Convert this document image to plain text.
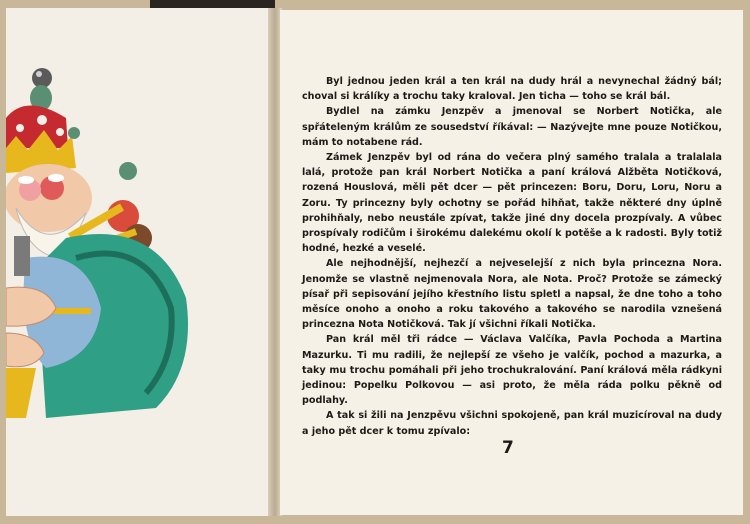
Byl jednou jeden král a ten král na dudy hrál a nevynechal žádný bál; choval si králíky a trochu taky kraloval. Jen ticha — toho se král bál.

Bydlel na zámku Jenzpěv a jmenoval se Norbert Notička, ale spřáteleným králům ze sousedství říkával: — Nazývejte mne pouze Notičkou, mám to notabene rád.

Zámek Jenzpěv byl od rána do večera plný samého tralala a tralalala lalá, protože pan král Norbert Notička a paní králová Alžběta Notičková, rozená Houslová, měli pět dcer — pět princezen: Boru, Doru, Loru, Noru a Zoru. Ty princezny byly ochotny se pořád hihňat, takže některé dny úplně prohihňaly, nebo neustále zpívat, takže jiné dny docela prozpívaly. A vůbec prospívaly rodičům i širokému dalekému okolí k potěše a k radosti. Byly totiž hodné, hezké a veselé.

Ale nejhodnější, nejhezčí a nejveselejší z nich byla princezna Nora. Jenomže se vlastně nejmenovala Nora, ale Nota. Proč? Protože se zámecký písař při sepisování jejího křestního listu spletl a napsal, že dne toho a toho měsíce onoho a onoho a roku takového a takového se narodila vznešená princezna Nota Notičková. Tak jí všichni říkali Notička.

Pan král měl tři rádce — Václava Valčíka, Pavla Pochoda a Martina Mazurku. Ti mu radili, že nejlepší ze všeho je valčík, pochod a mazurka, a taky mu trochu pomáhali při jeho trochukralování. Paní králová měla rádkyni jedinou: Popelku Polkovou — asi proto, že měla ráda polku pěkně od podlahy.

A tak si žili na Jenzpěvu všichni spokojeně, pan král muzicíroval na dudy a jeho pět dcer k tomu zpívalo:

7
